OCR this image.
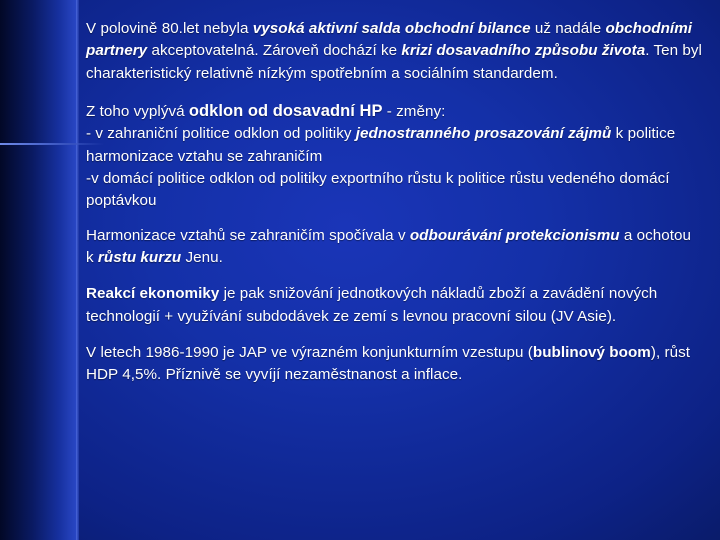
V polovině 80.let nebyla vysoká aktivní salda obchodní bilance už nadále obchodními partnery akceptovatelná. Zároveň dochází ke krizi dosavadního způsobu života. Ten byl charakteristický relativně nízkým spotřebním a sociálním standardem.

Z toho vyplývá odklon od dosavadní HP - změny:
- v zahraniční politice odklon od politiky jednostranného prosazování zájmů k politice harmonizace vztahu se zahraničím
-v domácí politice odklon od politiky exportního růstu k politice růstu vedeného domácí poptávkou

Harmonizace vztahů se zahraničím spočívala v odbourávání protekcionismu a ochotou k růstu kurzu Jenu.

Reakcí ekonomiky je pak snižování jednotkových nákladů zboží a zavádění nových technologií + využívání subdodávek ze zemí s levnou pracovní silou (JV Asie).

V letech 1986-1990 je JAP ve výrazném konjunkturním vzestupu (bublinový boom), růst HDP 4,5%. Příznivě se vyvíjí nezaměstnanost a inflace.
